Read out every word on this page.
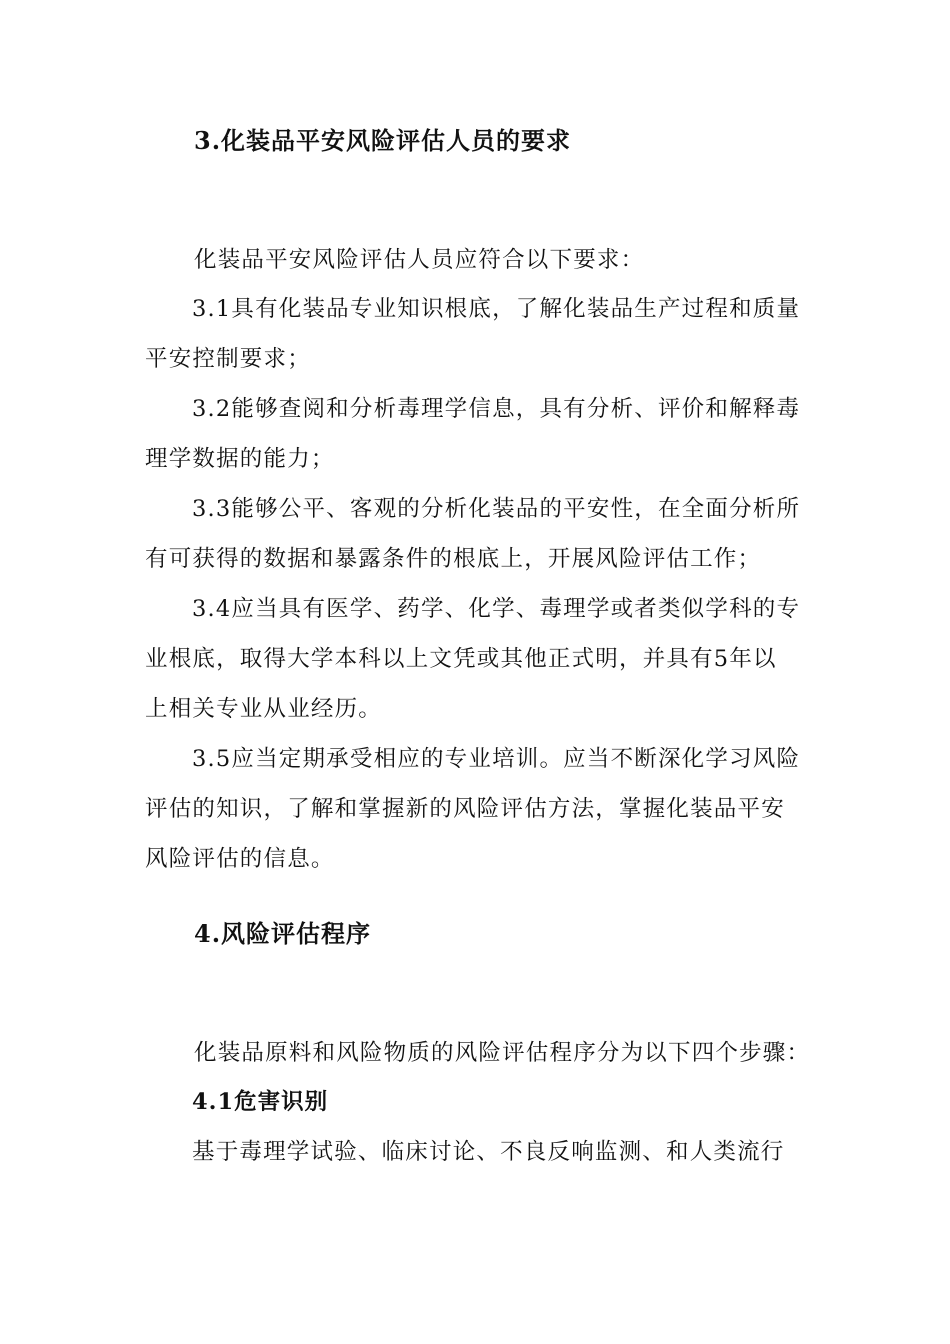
3.化装品平安风险评估人员的要求
化装品平安风险评估人员应符合以下要求：
3.1具有化装品专业知识根底，了解化装品生产过程和质量
平安控制要求；
3.2能够查阅和分析毒理学信息，具有分析、评价和解释毒
理学数据的能力；
3.3能够公平、客观的分析化装品的平安性，在全面分析所
有可获得的数据和暴露条件的根底上，开展风险评估工作；
3.4应当具有医学、药学、化学、毒理学或者类似学科的专
业根底，取得大学本科以上文凭或其他正式明，并具有5年以
上相关专业从业经历。
3.5应当定期承受相应的专业培训。应当不断深化学习风险
评估的知识，了解和掌握新的风险评估方法，掌握化装品平安
风险评估的信息。
4.风险评估程序
化装品原料和风险物质的风险评估程序分为以下四个步骤：
4.1危害识别
基于毒理学试验、临床讨论、不良反响监测、和人类流行
